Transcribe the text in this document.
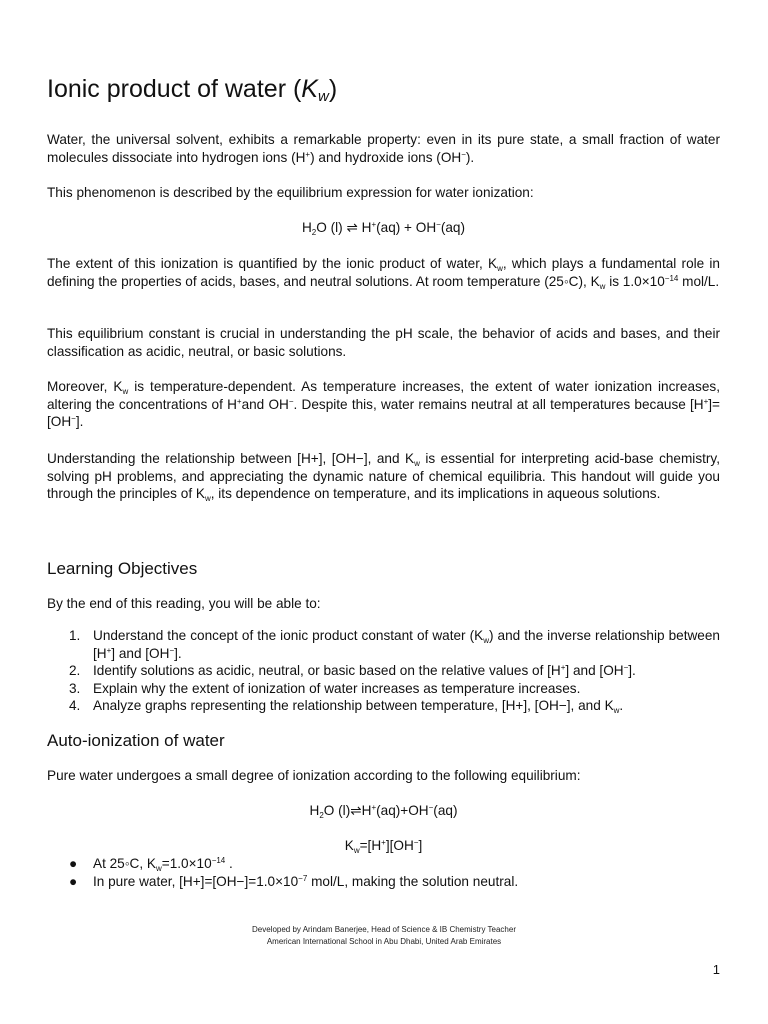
Ionic product of water $(K_w)$

Water, the universal solvent, exhibits a remarkable property: even in its pure state, a small fraction of water molecules dissociate into hydrogen ions (H+) and hydroxide ions (OH−).

This phenomenon is described by the equilibrium expression for water ionization:

$H_2O$ (l) ⇌ H+(aq) + OH−(aq)

The extent of this ionization is quantified by the ionic product of water, $K_w$, which plays a fundamental role in defining the properties of acids, bases, and neutral solutions. At room temperature (25◦C), $K_w$ is $1.0\times 10^{-14}$ mol/L.

This equilibrium constant is crucial in understanding the pH scale, the behavior of acids and bases, and their classification as acidic, neutral, or basic solutions.

Moreover, $K_w$ is temperature-dependent. As temperature increases, the extent of water ionization increases, altering the concentrations of H+and OH−. Despite this, water remains neutral at all temperatures because [H+]=[OH−].

Understanding the relationship between [H+], [OH−], and $K_w$ is essential for interpreting acid-base chemistry, solving pH problems, and appreciating the dynamic nature of chemical equilibria. This handout will guide you through the principles of $K_w$, its dependence on temperature, and its implications in aqueous solutions.

Learning Objectives

By the end of this reading, you will be able to:

1. Understand the concept of the ionic product constant of water $(K_w)$ and the inverse relationship between [H+] and [OH−].
2. Identify solutions as acidic, neutral, or basic based on the relative values of [H+] and [OH−].
3. Explain why the extent of ionization of water increases as temperature increases.
4. Analyze graphs representing the relationship between temperature, [H+], [OH−], and $K_w$.
Auto-ionization of water

Pure water undergoes a small degree of ionization according to the following equilibrium:

$H_2O$ (l)⇌H+(aq)+OH−(aq)
$K_w=[H^+][OH^-]$
● At 25◦C, $K_w=1.0\times 10^{-14}$ .
● In pure water, $[H+]=[OH-]=1.0\times 10^{-7}$ mol/L, making the solution neutral.
Developed by Arindam Banerjee, Head of Science & IB Chemistry Teacher
American International School in Abu Dhabi, United Arab Emirates
1
